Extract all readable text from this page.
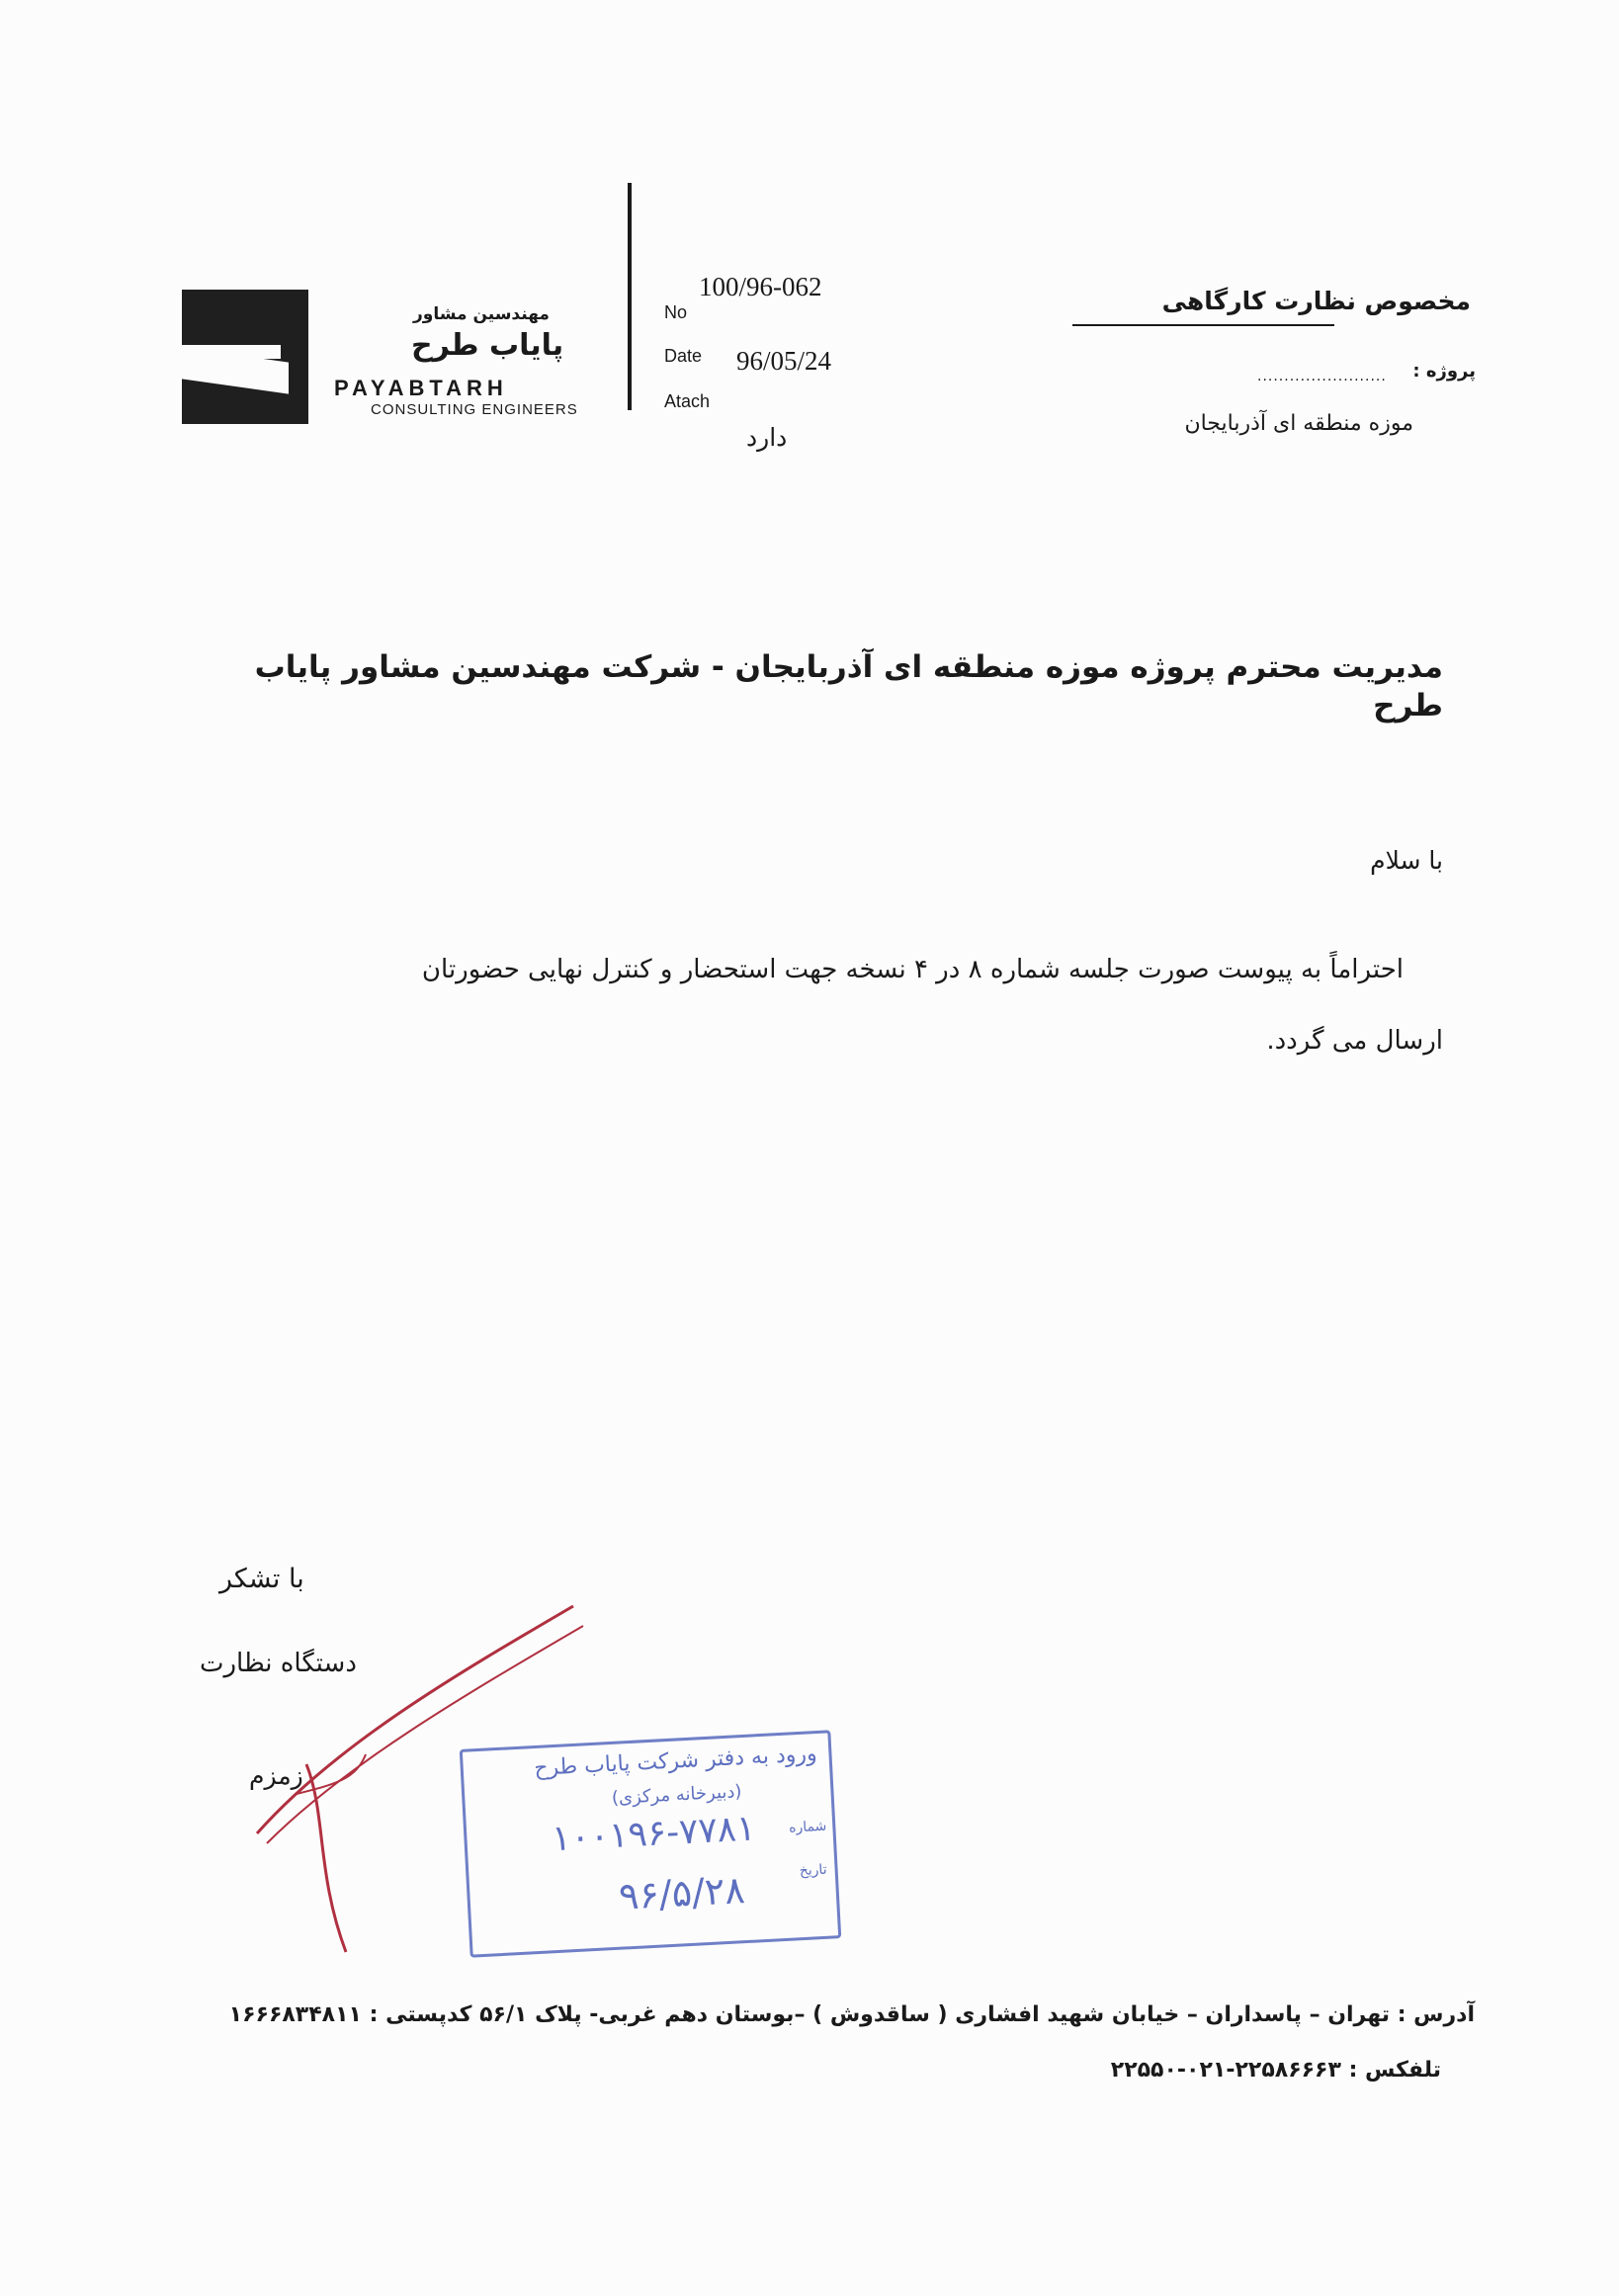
مهندسین مشاور
پایاب طرح
PAYABTARH
CONSULTING ENGINEERS
No
100/96-062
Date 96/05/24
Atach
دارد
مخصوص نظارت کارگاهی
پروژه :
........................
موزه منطقه ای آذربایجان
مدیریت محترم پروژه موزه منطقه ای آذربایجان - شرکت مهندسین مشاور پایاب طرح
با سلام
احتراماً به پیوست صورت جلسه شماره ۸ در ۴ نسخه جهت استحضار و کنترل نهایی حضورتان
ارسال می گردد.
با تشکر
دستگاه نظارت
زمزم	ورود به دفتر شرکت پایاب طرح
(دبیرخانه مرکزی)
شماره
۱۰۰۱۹۶-۷۷۸۱
تاریخ
۹۶/۵/۲۸
آدرس : تهران – پاسداران – خیابان شهید افشاری ( ساقدوش ) –بوستان دهم غربی- پلاک ۵۶/۱ کدپستی : ۱۶۶۶۸۳۴۸۱۱
تلفکس : ۲۲۵۸۶۶۶۳-۰۲۱-۲۲۵۵۰
